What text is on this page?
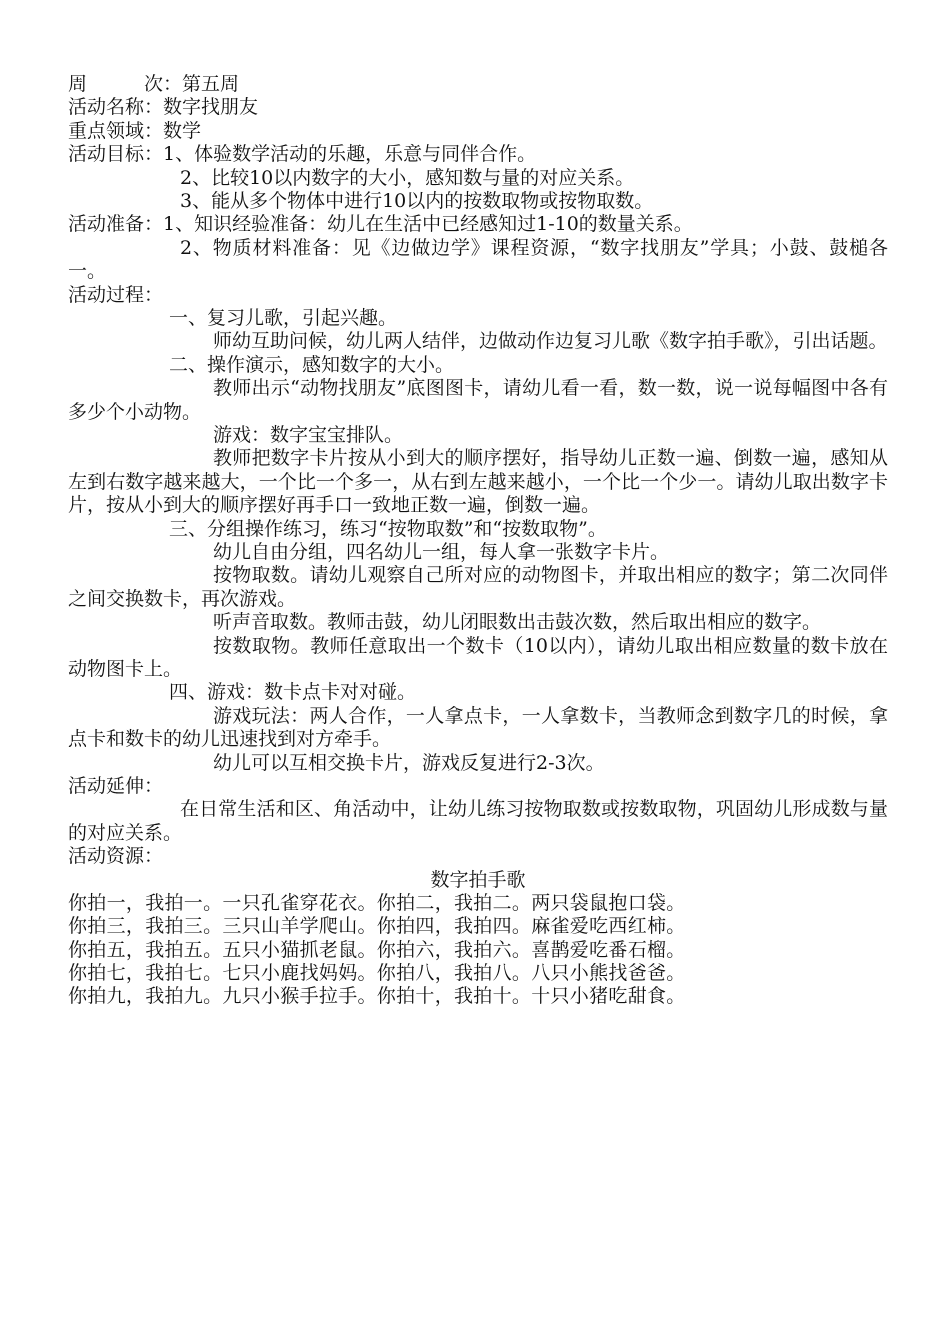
周　　　次：第五周
活动名称：数字找朋友
重点领域：数学
活动目标：1、体验数学活动的乐趣，乐意与同伴合作。
2、比较10以内数字的大小，感知数与量的对应关系。
3、能从多个物体中进行10以内的按数取物或按物取数。
活动准备：1、知识经验准备：幼儿在生活中已经感知过1-10的数量关系。
2、物质材料准备：见《边做边学》课程资源，“数字找朋友”学具；小鼓、鼓槌各一。
活动过程：
一、复习儿歌，引起兴趣。
师幼互助问候，幼儿两人结伴，边做动作边复习儿歌《数字拍手歌》，引出话题。
二、操作演示，感知数字的大小。
教师出示“动物找朋友”底图图卡，请幼儿看一看，数一数，说一说每幅图中各有多少个小动物。
游戏：数字宝宝排队。
教师把数字卡片按从小到大的顺序摆好，指导幼儿正数一遍、倒数一遍，感知从左到右数字越来越大，一个比一个多一，从右到左越来越小，一个比一个少一。请幼儿取出数字卡片，按从小到大的顺序摆好再手口一致地正数一遍，倒数一遍。
三、分组操作练习，练习“按物取数”和“按数取物”。
幼儿自由分组，四名幼儿一组，每人拿一张数字卡片。
按物取数。请幼儿观察自己所对应的动物图卡，并取出相应的数字；第二次同伴之间交换数卡，再次游戏。
听声音取数。教师击鼓，幼儿闭眼数出击鼓次数，然后取出相应的数字。
按数取物。教师任意取出一个数卡（10以内），请幼儿取出相应数量的数卡放在动物图卡上。
四、游戏：数卡点卡对对碰。
游戏玩法：两人合作，一人拿点卡，一人拿数卡，当教师念到数字几的时候，拿点卡和数卡的幼儿迅速找到对方牵手。
幼儿可以互相交换卡片，游戏反复进行2-3次。
活动延伸：
在日常生活和区、角活动中，让幼儿练习按物取数或按数取物，巩固幼儿形成数与量的对应关系。
活动资源：
数字拍手歌
你拍一，我拍一。一只孔雀穿花衣。你拍二，我拍二。两只袋鼠抱口袋。
你拍三，我拍三。三只山羊学爬山。你拍四，我拍四。麻雀爱吃西红柿。
你拍五，我拍五。五只小猫抓老鼠。你拍六，我拍六。喜鹊爱吃番石榴。
你拍七，我拍七。七只小鹿找妈妈。你拍八，我拍八。八只小熊找爸爸。
你拍九，我拍九。九只小猴手拉手。你拍十，我拍十。十只小猪吃甜食。
